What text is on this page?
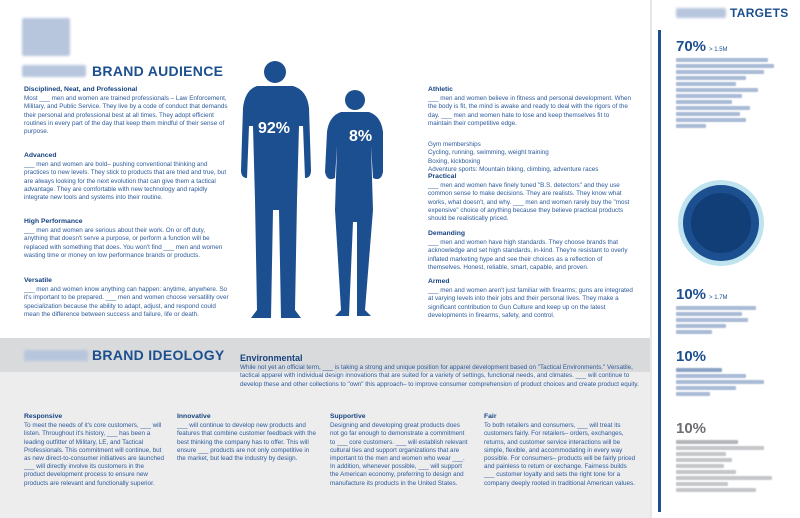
BRAND AUDIENCE
Disciplined, Neat, and Professional

Most ___ men and women are trained professionals – Law Enforcement, Military, and Public Service. They live by a code of conduct that demands their personal and professional best at all times. They adopt efficient routines in every part of the day that keep them mindful of their sense of purpose.

Advanced

___ men and women are bold– pushing conventional thinking and practices to new levels. They stick to products that are tried and true, but are always looking for the next evolution that can give them a tactical advantage. They are comfortable with new technology and rapidly integrate new tools and systems into their routine.

High Performance

___ men and women are serious about their work. On or off duty, anything that doesn't serve a purpose, or perform a function will be replaced with something that does. You won't find ___ men and women wasting time or money on low performance brands or products.

Versatile

___ men and women know anything can happen: anytime, anywhere. So it's important to be prepared. ___ men and women choose versatility over specialization because the ability to adapt, adjust, and respond could mean the difference between success and failure, life or death.

92%	8%
Athletic

___ men and women believe in fitness and personal development. When the body is fit, the mind is awake and ready to deal with the rigors of the day. ___ men and women hate to lose and keep themselves fit to maintain their competitive edge.

Gym memberships
Cycling, running, swimming, weight training
Boxing, kickboxing
Adventure sports: Mountain biking, climbing, adventure races

Practical

___ men and women have finely tuned "B.S. detectors" and they use common sense to make decisions. They are realists. They know what works, what doesn't, and why. ___ men and women rarely buy the "most expensive" choice of anything because they believe practical products should be realistically priced.

Demanding

___ men and women have high standards. They choose brands that acknowledge and set high standards, in-kind. They're resistant to overly inflated marketing hype and see their choices as a reflection of themselves. Honest, reliable, smart, capable, and proven.

Armed

___ men and women aren't just familiar with firearms; guns are integrated at varying levels into their jobs and their personal lives. They make a significant contribution to Gun Culture and keep up on the latest developments in firearms, safety, and control.

BRAND IDEOLOGY Environmental

While not yet an official term, ___ is taking a strong and unique position for apparel development based on "Tactical Environments." Versatile, tactical apparel with individual design innovations that are suited for a variety of settings, functional needs, and climates. ___ will continue to develop these and other collections to "own" this approach– to improve consumer comprehension of product choices and create product equity.

Responsive

To meet the needs of it's core customers, ___ will listen. Throughout it's history, ___ has been a leading outfitter of Military, LE, and Tactical Professionals. This commitment will continue, but as new direct-to-consumer initiatives are launched ___ will directly involve its customers in the product development process to ensure new products are relevant and functionally superior.

Innovative

___ will continue to develop new products and features that combine customer feedback with the best thinking the company has to offer. This will ensure ___ products are not only competitive in the market, but lead the industry by design.

Supportive

Designing and developing great products does not go far enough to demonstrate a commitment to ___ core customers. ___ will establish relevant cultural ties and support organizations that are important to the men and women who wear ___. In addition, whenever possible, ___ will support the American economy, preferring to design and manufacture its products in the United States.

Fair

To both retailers and consumers, ___ will treat its customers fairly. For retailers– orders, exchanges, returns, and customer service interactions will be simple, flexible, and accommodating in every way possible. For consumers– products will be fairly priced and painless to return or exchange. Fairness builds ___ customer loyalty and sets the right tone for a company deeply rooted in traditional American values.

TARGETS
70% > 1.5M
10% > 1.7M
10%
10%
